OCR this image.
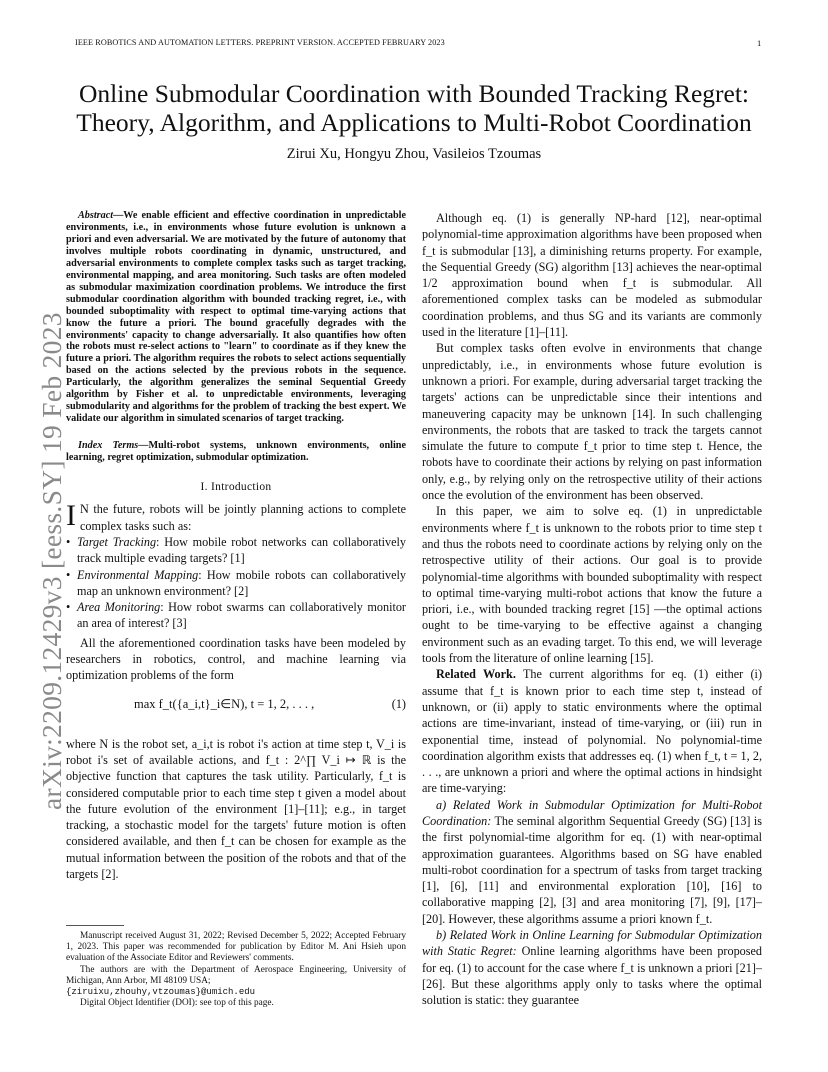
IEEE ROBOTICS AND AUTOMATION LETTERS. PREPRINT VERSION. ACCEPTED FEBRUARY 2023	1
arXiv:2209.12429v3 [eess.SY] 19 Feb 2023
Online Submodular Coordination with Bounded Tracking Regret:
Theory, Algorithm, and Applications to Multi-Robot Coordination
Zirui Xu, Hongyu Zhou, Vasileios Tzoumas

Abstract—We enable efficient and effective coordination in unpredictable environments, i.e., in environments whose future evolution is unknown a priori and even adversarial. We are motivated by the future of autonomy that involves multiple robots coordinating in dynamic, unstructured, and adversarial environments to complete complex tasks such as target tracking, environmental mapping, and area monitoring. Such tasks are often modeled as submodular maximization coordination problems. We introduce the first submodular coordination algorithm with bounded tracking regret, i.e., with bounded suboptimality with respect to optimal time-varying actions that know the future a priori. The bound gracefully degrades with the environments' capacity to change adversarially. It also quantifies how often the robots must re-select actions to "learn" to coordinate as if they knew the future a priori. The algorithm requires the robots to select actions sequentially based on the actions selected by the previous robots in the sequence. Particularly, the algorithm generalizes the seminal Sequential Greedy algorithm by Fisher et al. to unpredictable environments, leveraging submodularity and algorithms for the problem of tracking the best expert. We validate our algorithm in simulated scenarios of target tracking.

Index Terms—Multi-robot systems, unknown environments, online learning, regret optimization, submodular optimization.

I. Introduction

I N the future, robots will be jointly planning actions to complete complex tasks such as:

• Target Tracking: How mobile robot networks can collaboratively track multiple evading targets? [1]
• Environmental Mapping: How mobile robots can collaboratively map an unknown environment? [2]
• Area Monitoring: How robot swarms can collaboratively monitor an area of interest? [3]

All the aforementioned coordination tasks have been modeled by researchers in robotics, control, and machine learning via optimization problems of the form

max f_t({a_i,t}_i∈N), t = 1, 2, . . . ,	(1)

where N is the robot set, a_i,t is robot i's action at time step t, V_i is robot i's set of available actions, and f_t : 2^∏ V_i ↦ ℝ is the objective function that captures the task utility. Particularly, f_t is considered computable prior to each time step t given a model about the future evolution of the environment [1]–[11]; e.g., in target tracking, a stochastic model for the targets' future motion is often considered available, and then f_t can be chosen for example as the mutual information between the position of the robots and that of the targets [2].

Manuscript received August 31, 2022; Revised December 5, 2022; Accepted February 1, 2023. This paper was recommended for publication by Editor M. Ani Hsieh upon evaluation of the Associate Editor and Reviewers' comments.

The authors are with the Department of Aerospace Engineering, University of Michigan, Ann Arbor, MI 48109 USA;

{ziruixu,zhouhy,vtzoumas}@umich.edu

Digital Object Identifier (DOI): see top of this page.

Although eq. (1) is generally NP-hard [12], near-optimal polynomial-time approximation algorithms have been proposed when f_t is submodular [13], a diminishing returns property. For example, the Sequential Greedy (SG) algorithm [13] achieves the near-optimal 1/2 approximation bound when f_t is submodular. All aforementioned complex tasks can be modeled as submodular coordination problems, and thus SG and its variants are commonly used in the literature [1]–[11].

But complex tasks often evolve in environments that change unpredictably, i.e., in environments whose future evolution is unknown a priori. For example, during adversarial target tracking the targets' actions can be unpredictable since their intentions and maneuvering capacity may be unknown [14]. In such challenging environments, the robots that are tasked to track the targets cannot simulate the future to compute f_t prior to time step t. Hence, the robots have to coordinate their actions by relying on past information only, e.g., by relying only on the retrospective utility of their actions once the evolution of the environment has been observed.

In this paper, we aim to solve eq. (1) in unpredictable environments where f_t is unknown to the robots prior to time step t and thus the robots need to coordinate actions by relying only on the retrospective utility of their actions. Our goal is to provide polynomial-time algorithms with bounded suboptimality with respect to optimal time-varying multi-robot actions that know the future a priori, i.e., with bounded tracking regret [15] —the optimal actions ought to be time-varying to be effective against a changing environment such as an evading target. To this end, we will leverage tools from the literature of online learning [15].

Related Work. The current algorithms for eq. (1) either (i) assume that f_t is known prior to each time step t, instead of unknown, or (ii) apply to static environments where the optimal actions are time-invariant, instead of time-varying, or (iii) run in exponential time, instead of polynomial. No polynomial-time coordination algorithm exists that addresses eq. (1) when f_t, t = 1, 2, . . ., are unknown a priori and where the optimal actions in hindsight are time-varying:

a) Related Work in Submodular Optimization for Multi-Robot Coordination: The seminal algorithm Sequential Greedy (SG) [13] is the first polynomial-time algorithm for eq. (1) with near-optimal approximation guarantees. Algorithms based on SG have enabled multi-robot coordination for a spectrum of tasks from target tracking [1], [6], [11] and environmental exploration [10], [16] to collaborative mapping [2], [3] and area monitoring [7], [9], [17]–[20]. However, these algorithms assume a priori known f_t.

b) Related Work in Online Learning for Submodular Optimization with Static Regret: Online learning algorithms have been proposed for eq. (1) to account for the case where f_t is unknown a priori [21]–[26]. But these algorithms apply only to tasks where the optimal solution is static: they guarantee
